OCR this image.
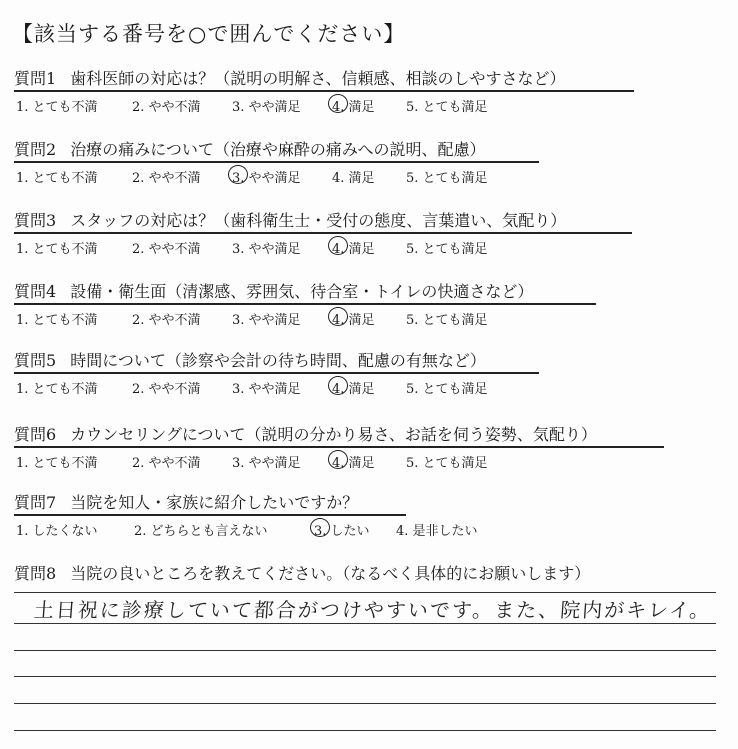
【該当する番号を○で囲んでください】
質問1 歯科医師の対応は？（説明の明解さ、信頼感、相談のしやすさなど）
1. とても不満	2. やや不満 3. やや満足 4. 満足 5. とても満足
質問2 治療の痛みについて（治療や麻酔の痛みへの説明、配慮）
1. とても不満	2. やや不満 3. やや満足 4. 満足 5. とても満足
質問3 スタッフの対応は？（歯科衛生士・受付の態度、言葉遣い、気配り）
1. とても不満	2. やや不満 3. やや満足 4. 満足 5. とても満足
質問4 設備・衛生面（清潔感、雰囲気、待合室・トイレの快適さなど）
1. とても不満	2. やや不満 3. やや満足 4. 満足 5. とても満足
質問5 時間について（診察や会計の待ち時間、配慮の有無など）
1. とても不満	2. やや不満 3. やや満足 4. 満足 5. とても満足
質問6 カウンセリングについて（説明の分かり易さ、お話を伺う姿勢、気配り）
1. とても不満	2. やや不満 3. やや満足 4. 満足 5. とても満足
質問7 当院を知人・家族に紹介したいですか？
1. したくない	2. どちらとも言えない	3. したい 4. 是非したい
質問8 当院の良いところを教えてください。（なるべく具体的にお願いします）
土日祝に診療していて都合がつけやすいです。また、院内がキレイ。
